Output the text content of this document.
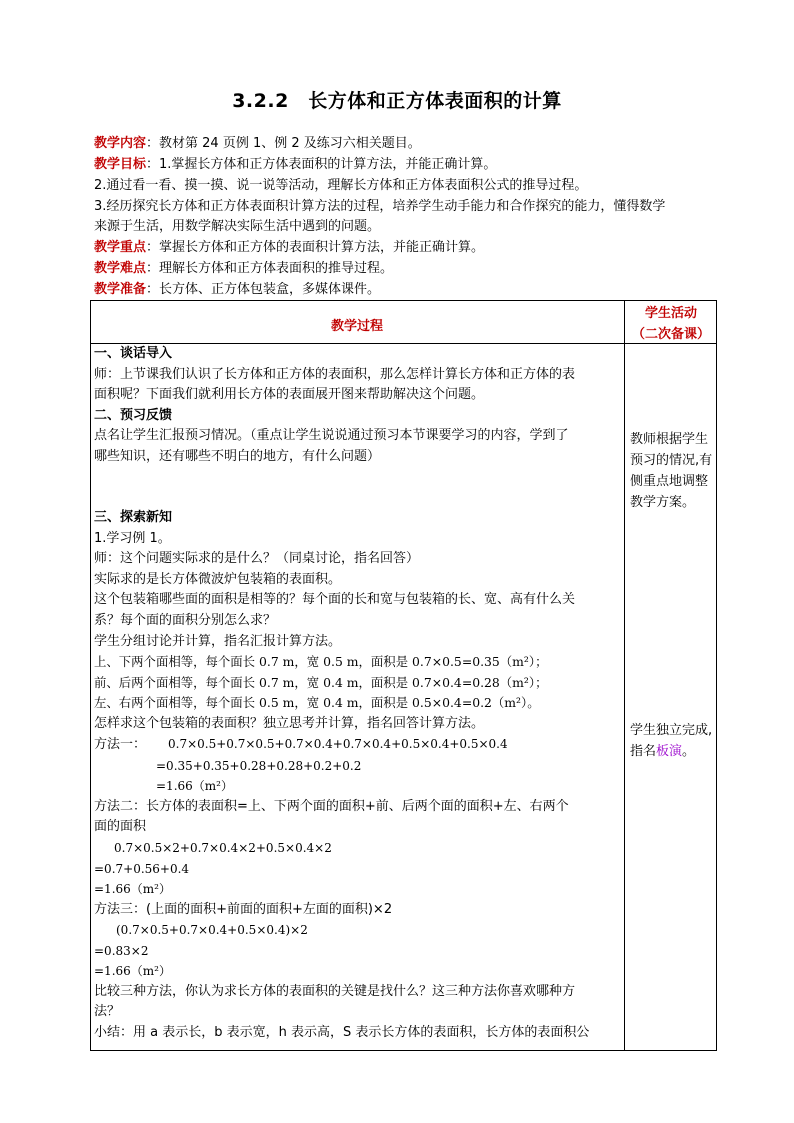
3.2.2　长方体和正方体表面积的计算
教学内容：教材第 24 页例 1、例 2 及练习六相关题目。
教学目标：1.掌握长方体和正方体表面积的计算方法，并能正确计算。
2.通过看一看、摸一摸、说一说等活动，理解长方体和正方体表面积公式的推导过程。
3.经历探究长方体和正方体表面积计算方法的过程，培养学生动手能力和合作探究的能力，懂得数学
来源于生活，用数学解决实际生活中遇到的问题。
教学重点：掌握长方体和正方体的表面积计算方法，并能正确计算。
教学难点：理解长方体和正方体表面积的推导过程。
教学准备：长方体、正方体包装盒，多媒体课件。
教学过程
学生活动
（二次备课）
一、谈话导入
师：上节课我们认识了长方体和正方体的表面积，那么怎样计算长方体和正方体的表
面积呢？下面我们就利用长方体的表面展开图来帮助解决这个问题。
二、预习反馈
点名让学生汇报预习情况。（重点让学生说说通过预习本节课要学习的内容，学到了
哪些知识，还有哪些不明白的地方，有什么问题）
三、探索新知
1.学习例 1。
师：这个问题实际求的是什么？（同桌讨论，指名回答）
实际求的是长方体微波炉包装箱的表面积。
这个包装箱哪些面的面积是相等的？每个面的长和宽与包装箱的长、宽、高有什么关
系？每个面的面积分别怎么求？
学生分组讨论并计算，指名汇报计算方法。
上、下两个面相等，每个面长 0.7 m，宽 0.5 m，面积是 0.7×0.5=0.35（m²）；
前、后两个面相等，每个面长 0.7 m，宽 0.4 m，面积是 0.7×0.4=0.28（m²）；
左、右两个面相等，每个面长 0.5 m，宽 0.4 m，面积是 0.5×0.4=0.2（m²）。
怎样求这个包装箱的表面积？独立思考并计算，指名回答计算方法。
方法一： 0.7×0.5+0.7×0.5+0.7×0.4+0.7×0.4+0.5×0.4+0.5×0.4
=0.35+0.35+0.28+0.28+0.2+0.2
=1.66（m²）
方法二：长方体的表面积=上、下两个面的面积+前、后两个面的面积+左、右两个
面的面积
0.7×0.5×2+0.7×0.4×2+0.5×0.4×2
=0.7+0.56+0.4
=1.66（m²）
方法三：(上面的面积+前面的面积+左面的面积)×2
(0.7×0.5+0.7×0.4+0.5×0.4)×2
=0.83×2
=1.66（m²）
比较三种方法，你认为求长方体的表面积的关键是找什么？这三种方法你喜欢哪种方
法？
小结：用 a 表示长，b 表示宽，h 表示高，S 表示长方体的表面积，长方体的表面积公
教师根据学生预习的情况,有侧重点地调整教学方案。
学生独立完成,指名板演。
